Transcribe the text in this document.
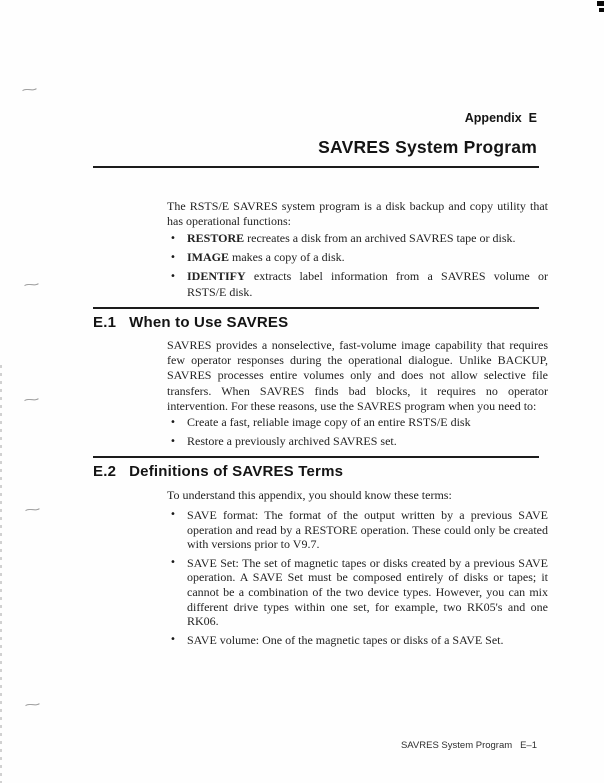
~
~
~
~
~
Appendix  E
SAVRES System Program

The RSTS/E SAVRES system program is a disk backup and copy utility that has operational functions:

• RESTORE recreates a disk from an archived SAVRES tape or disk.
• IMAGE makes a copy of a disk.
• IDENTIFY extracts label information from a SAVRES volume or RSTS/E disk.
E.1 When to Use SAVRES

SAVRES provides a nonselective, fast-volume image capability that requires few operator responses during the operational dialogue. Unlike BACKUP, SAVRES processes entire volumes only and does not allow selective file transfers. When SAVRES finds bad blocks, it requires no operator intervention. For these reasons, use the SAVRES program when you need to:

• Create a fast, reliable image copy of an entire RSTS/E disk
• Restore a previously archived SAVRES set.
E.2 Definitions of SAVRES Terms

To understand this appendix, you should know these terms:

• SAVE format: The format of the output written by a previous SAVE operation and read by a RESTORE operation. These could only be created with versions prior to V9.7.
• SAVE Set: The set of magnetic tapes or disks created by a previous SAVE operation. A SAVE Set must be composed entirely of disks or tapes; it cannot be a combination of the two device types. However, you can mix different drive types within one set, for example, two RK05's and one RK06.
• SAVE volume: One of the magnetic tapes or disks of a SAVE Set.
SAVRES System Program   E–1
